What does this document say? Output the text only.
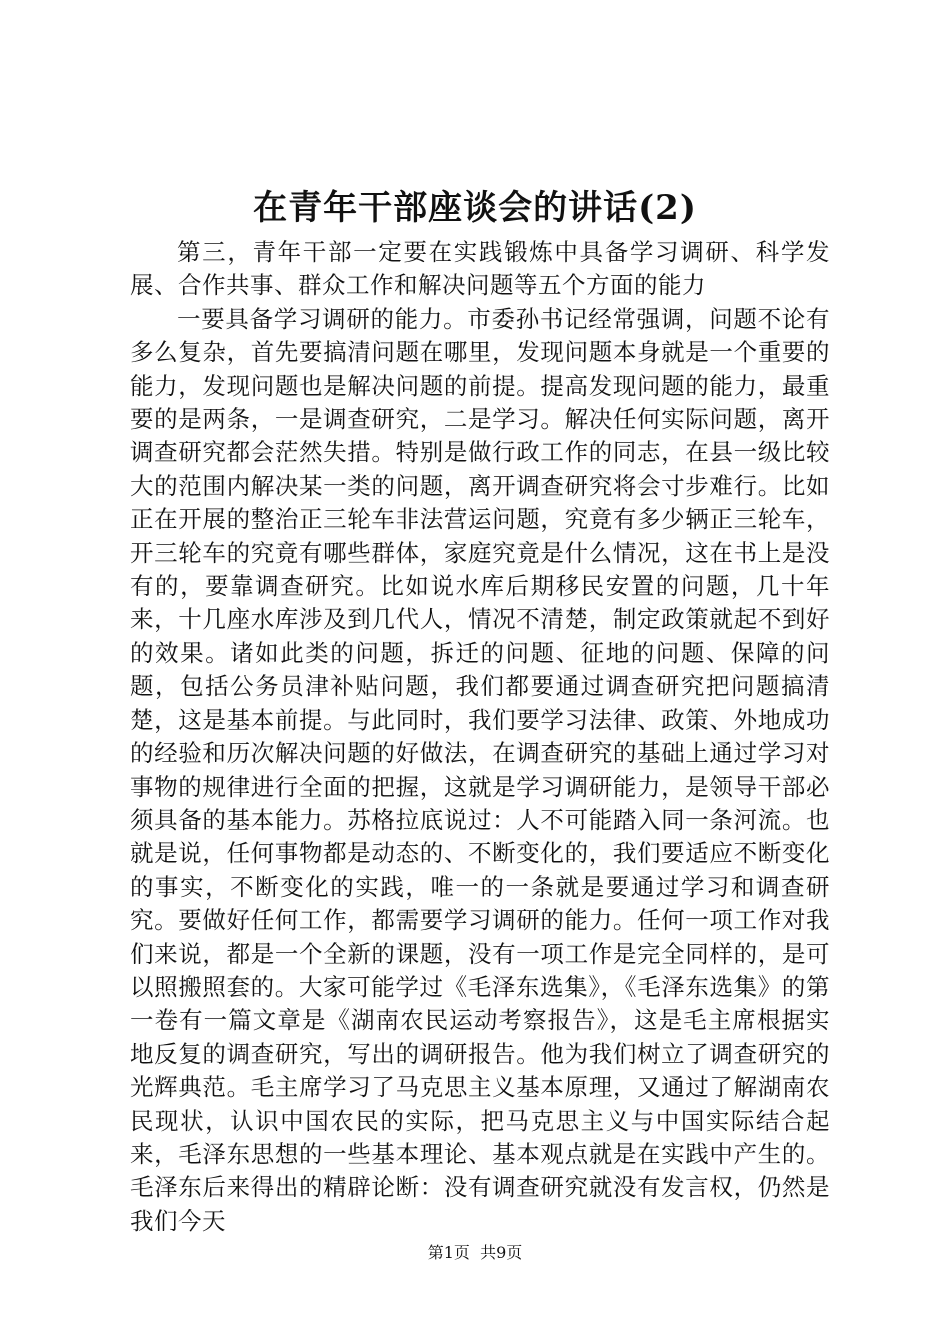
在青年干部座谈会的讲话(2)

第三，青年干部一定要在实践锻炼中具备学习调研、科学发展、合作共事、群众工作和解决问题等五个方面的能力

一要具备学习调研的能力。市委孙书记经常强调，问题不论有多么复杂，首先要搞清问题在哪里，发现问题本身就是一个重要的能力，发现问题也是解决问题的前提。提高发现问题的能力，最重要的是两条，一是调查研究，二是学习。解决任何实际问题，离开调查研究都会茫然失措。特别是做行政工作的同志，在县一级比较大的范围内解决某一类的问题，离开调查研究将会寸步难行。比如正在开展的整治正三轮车非法营运问题，究竟有多少辆正三轮车，开三轮车的究竟有哪些群体，家庭究竟是什么情况，这在书上是没有的，要靠调查研究。比如说水库后期移民安置的问题，几十年来，十几座水库涉及到几代人，情况不清楚，制定政策就起不到好的效果。诸如此类的问题，拆迁的问题、征地的问题、保障的问题，包括公务员津补贴问题，我们都要通过调查研究把问题搞清楚，这是基本前提。与此同时，我们要学习法律、政策、外地成功的经验和历次解决问题的好做法，在调查研究的基础上通过学习对事物的规律进行全面的把握，这就是学习调研能力，是领导干部必须具备的基本能力。苏格拉底说过：人不可能踏入同一条河流。也就是说，任何事物都是动态的、不断变化的，我们要适应不断变化的事实，不断变化的实践，唯一的一条就是要通过学习和调查研究。要做好任何工作，都需要学习调研的能力。任何一项工作对我们来说，都是一个全新的课题，没有一项工作是完全同样的，是可以照搬照套的。大家可能学过《毛泽东选集》，《毛泽东选集》的第一卷有一篇文章是《湖南农民运动考察报告》，这是毛主席根据实地反复的调查研究，写出的调研报告。他为我们树立了调查研究的光辉典范。毛主席学习了马克思主义基本原理，又通过了解湖南农民现状，认识中国农民的实际，把马克思主义与中国实际结合起来，毛泽东思想的一些基本理论、基本观点就是在实践中产生的。毛泽东后来得出的精辟论断：没有调查研究就没有发言权，仍然是我们今天

第1页 共9页
